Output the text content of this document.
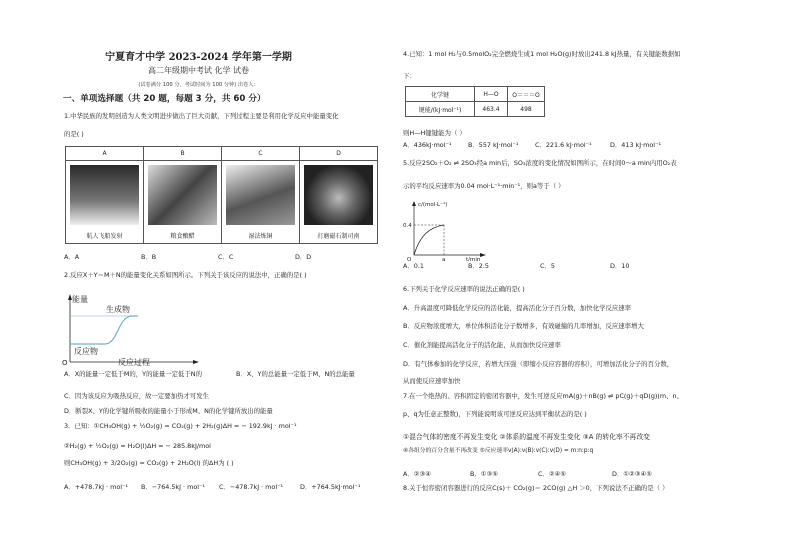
宁夏育才中学 2023-2024 学年第一学期
高二年级期中考试 化学 试卷
(试卷满分 100 分，考试时间为 100 分钟) 出卷人：
一、单项选择题（共 20 题，每题 3 分，共 60 分）
1.中华民族的发明创造为人类文明进步做出了巨大贡献，下列过程主要是利用化学反应中能量变化
的是( )
A	B	C	D

航人飞船发射	粮食酿醋	湿法炼铜	打磨磁石制司南
A．A	B．B	C．C	D．D
2.反应X＋Y＝M＋N的能量变化关系如图所示。下列关于该反应的说法中，正确的是( )
能量
生成物
反应物
O	反应过程
A．X的能量一定低于M的，Y的能量一定低于N的	B．X、Y的总能量一定低于M、N的总能量
C．因为该反应为吸热反应，故一定要加热才可发生
D．断裂X、Y的化学键所吸收的能量小于形成M、N的化学键所放出的能量
3．已知：①CH₃OH(g) + ½O₂(g) = CO₂(g) + 2H₂(g)ΔH = − 192.9kJ · mol⁻¹
②H₂(g) + ½O₂(g) = H₂O(l)ΔH = − 285.8kJ/mol
则CH₃OH(g) + 3/2O₂(g) = CO₂(g) + 2H₂O(l) 的ΔH为 ( )
A．+478.7kJ · mol⁻¹ B．−764.5kJ · mol⁻¹ C．−478.7kJ · mol⁻¹	D．+764.5kJ·mol⁻¹
4.已知：1 mol H₂与0.5molO₂完全燃烧生成1 mol H₂O(g)时放出241.8 kJ热量，有关键能数据如
下：
化学键	H—O	O＝＝＝O
键能/(kJ·mol⁻¹)	463.4	498
则H—H键键能为（ ）
A．436kJ·mol⁻¹	B．557 kJ·mol⁻¹	C．221.6 kJ·mol⁻¹	D．413 kJ·mol⁻¹
5.反应2SO₂＋O₂ ⇌ 2SO₃经a min后，SO₃浓度的变化情况如图所示，在时间0～a min内用O₂表
示的平均反应速率为0.04 mol·L⁻¹·min⁻¹，则a等于（ ）
c/(mol·L⁻¹)
0.4
O	a	t/min
A．0.1	B．2.5	C．5	D．10
6.下列关于化学反应速率的说法正确的是( )
A．升高温度可降低化学反应的活化能，提高活化分子百分数，加快化学反应速率
B．反应物浓度增大，单位体积活化分子数增多，有效碰撞的几率增加，反应速率增大
C．催化剂能提高活化分子的活化能，从而加快反应速率
D．有气体参加的化学反应，若增大压强（即缩小反应容器的容积），可增加活化分子的百分数，
从而使反应速率加快
7.在一个绝热的、容积固定的密闭容器中，发生可逆反应mA(g)＋nB(g) ⇌ pC(g)＋qD(g)(m、n、
p、q为任意正整数)，下列能说明该可逆反应达到平衡状态的是( )
①混合气体的密度不再发生变化 ②体系的温度不再发生变化 ③A 的转化率不再改变
④各组分的百分含量不再改变 ⑤反应速率v(A):v(B):v(C):v(D) = m:n:p:q
A．②③④	B．①③⑤	C．②④⑤	D．①②③④⑤
8.关于恒容密闭容器进行的反应C(s)＋ CO₂(g)＝ 2CO(g) △H ＞0，下列说法不正确的是（ ）
